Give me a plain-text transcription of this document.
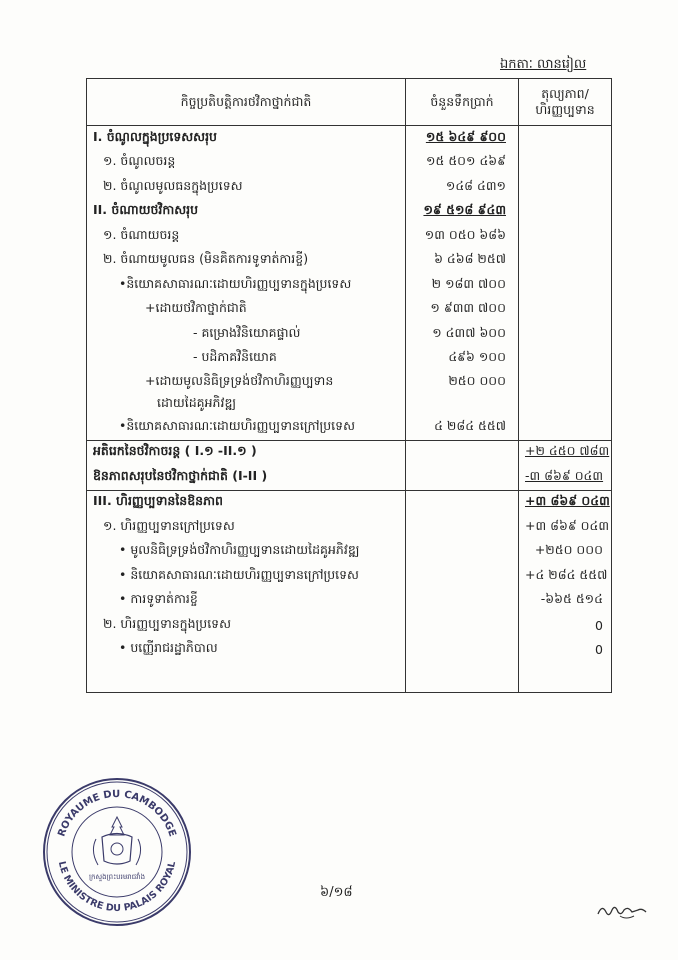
ឯកតាៈ លានរៀល
កិច្ចប្រតិបត្តិការថវិកាថ្នាក់ជាតិ	ចំនួនទឹកប្រាក់	តុល្យភាព/
ហិរញ្ញប្បទាន
I. ចំណូលក្នុងប្រទេសសរុប	១៥ ៦៤៩ ៩០០	
១. ចំណូលចរន្ត	១៥ ៥០១ ៤៦៩	
២. ចំណូលមូលធនក្នុងប្រទេស	១៤៨ ៤៣១	
II. ចំណាយថវិកាសរុប	១៩ ៥១៨ ៩៤៣	
១. ចំណាយចរន្ត	១៣ ០៥០ ៦៨៦	
២. ចំណាយមូលធន (មិនគិតការទូទាត់ការខ្ចី)	៦ ៤៦៨ ២៥៧	
•និយោគសាធារណៈដោយហិរញ្ញប្បទានក្នុងប្រទេស	២ ១៨៣ ៧០០	
+ដោយថវិកាថ្នាក់ជាតិ	១ ៩៣៣ ៧០០	
- គម្រោងវិនិយោគផ្ទាល់	១ ៤៣៧ ៦០០	
- បដិភាគវិនិយោគ	៤៩៦ ១០០	
+ដោយមូលនិធិទ្រទ្រង់ថវិកាហិរញ្ញប្បទាន	២៥០ ០០០	
ដោយដៃគូអភិវឌ្ឍ		
•និយោគសាធារណៈដោយហិរញ្ញប្បទានក្រៅប្រទេស	៤ ២៨៤ ៥៥៧	
អតិរេកនៃថវិកាចរន្ត ( I.១ -II.១ )		+២ ៤៥០ ៧៨៣
ឱនភាពសរុបនៃថវិកាថ្នាក់ជាតិ (I-II )		-៣ ៨៦៩ ០៤៣
III. ហិរញ្ញប្បទាននៃឱនភាព		+៣ ៨៦៩ ០៤៣
១. ហិរញ្ញប្បទានក្រៅប្រទេស		+៣ ៨៦៩ ០៤៣
• មូលនិធិទ្រទ្រង់ថវិកាហិរញ្ញប្បទានដោយដៃគូអភិវឌ្ឍ		+២៥០ ០០០
• និយោគសាធារណៈដោយហិរញ្ញប្បទានក្រៅប្រទេស		+៤ ២៨៤ ៥៥៧
• ការទូទាត់ការខ្ចី		-៦៦៥ ៥១៤
២. ហិរញ្ញប្បទានក្នុងប្រទេស		0
• បញ្ញើរាជរដ្ឋាភិបាល		0

ROYAUME DU CAMBODGE
LE MINISTRE DU PALAIS ROYAL
ក្រសួងព្រះបរមរាជវាំង
៦/១៨
